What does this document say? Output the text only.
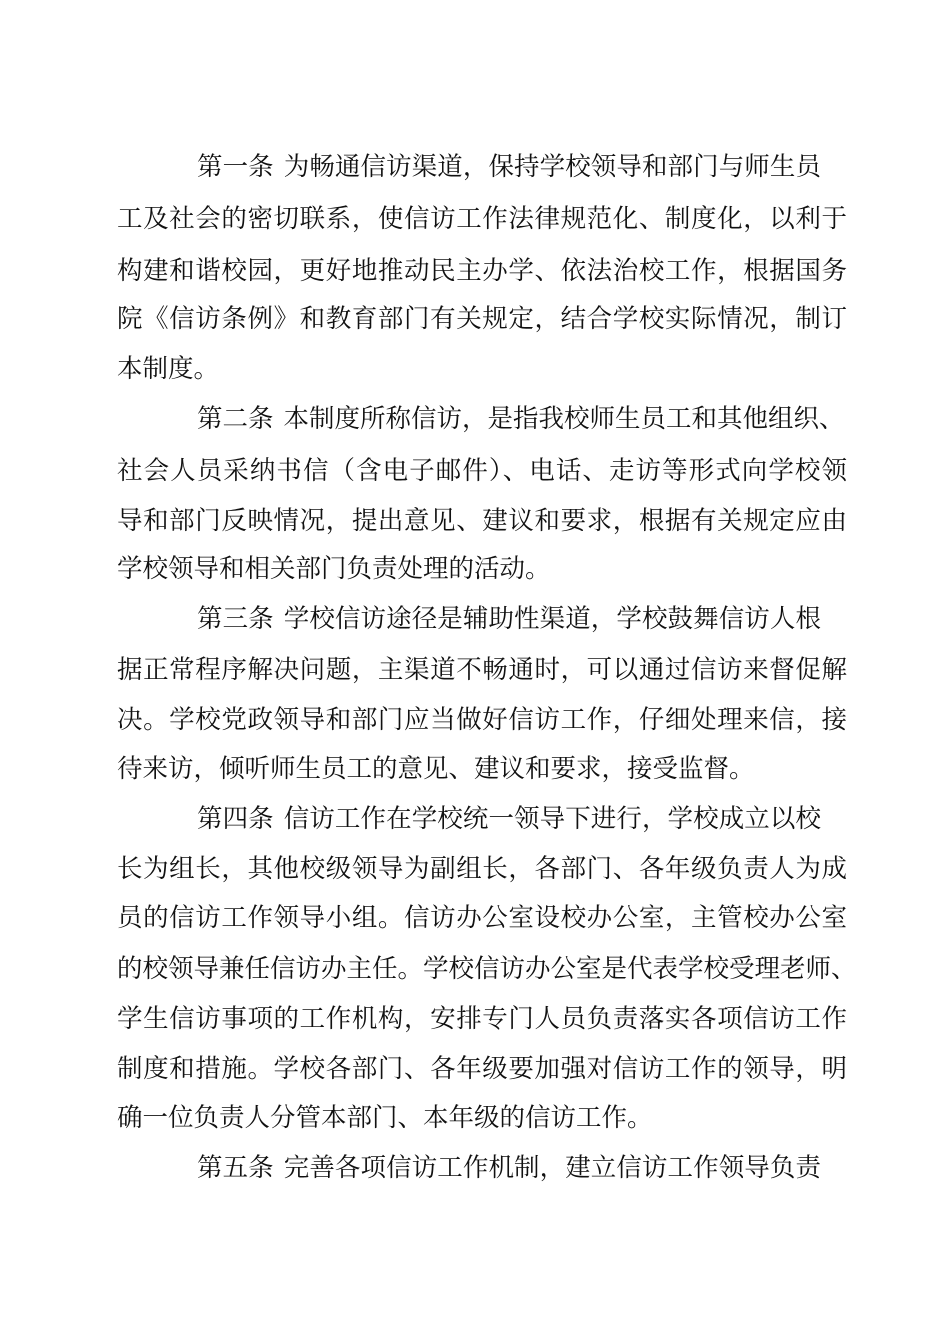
第一条 为畅通信访渠道，保持学校领导和部门与师生员
工及社会的密切联系，使信访工作法律规范化、制度化，以利于
构建和谐校园，更好地推动民主办学、依法治校工作，根据国务
院《信访条例》和教育部门有关规定，结合学校实际情况，制订
本制度。
第二条 本制度所称信访，是指我校师生员工和其他组织、
社会人员采纳书信（含电子邮件）、电话、走访等形式向学校领
导和部门反映情况，提出意见、建议和要求，根据有关规定应由
学校领导和相关部门负责处理的活动。
第三条 学校信访途径是辅助性渠道，学校鼓舞信访人根
据正常程序解决问题，主渠道不畅通时，可以通过信访来督促解
决。学校党政领导和部门应当做好信访工作，仔细处理来信，接
待来访，倾听师生员工的意见、建议和要求，接受监督。
第四条 信访工作在学校统一领导下进行，学校成立以校
长为组长，其他校级领导为副组长，各部门、各年级负责人为成
员的信访工作领导小组。信访办公室设校办公室，主管校办公室
的校领导兼任信访办主任。学校信访办公室是代表学校受理老师、
学生信访事项的工作机构，安排专门人员负责落实各项信访工作
制度和措施。学校各部门、各年级要加强对信访工作的领导，明
确一位负责人分管本部门、本年级的信访工作。
第五条 完善各项信访工作机制，建立信访工作领导负责
